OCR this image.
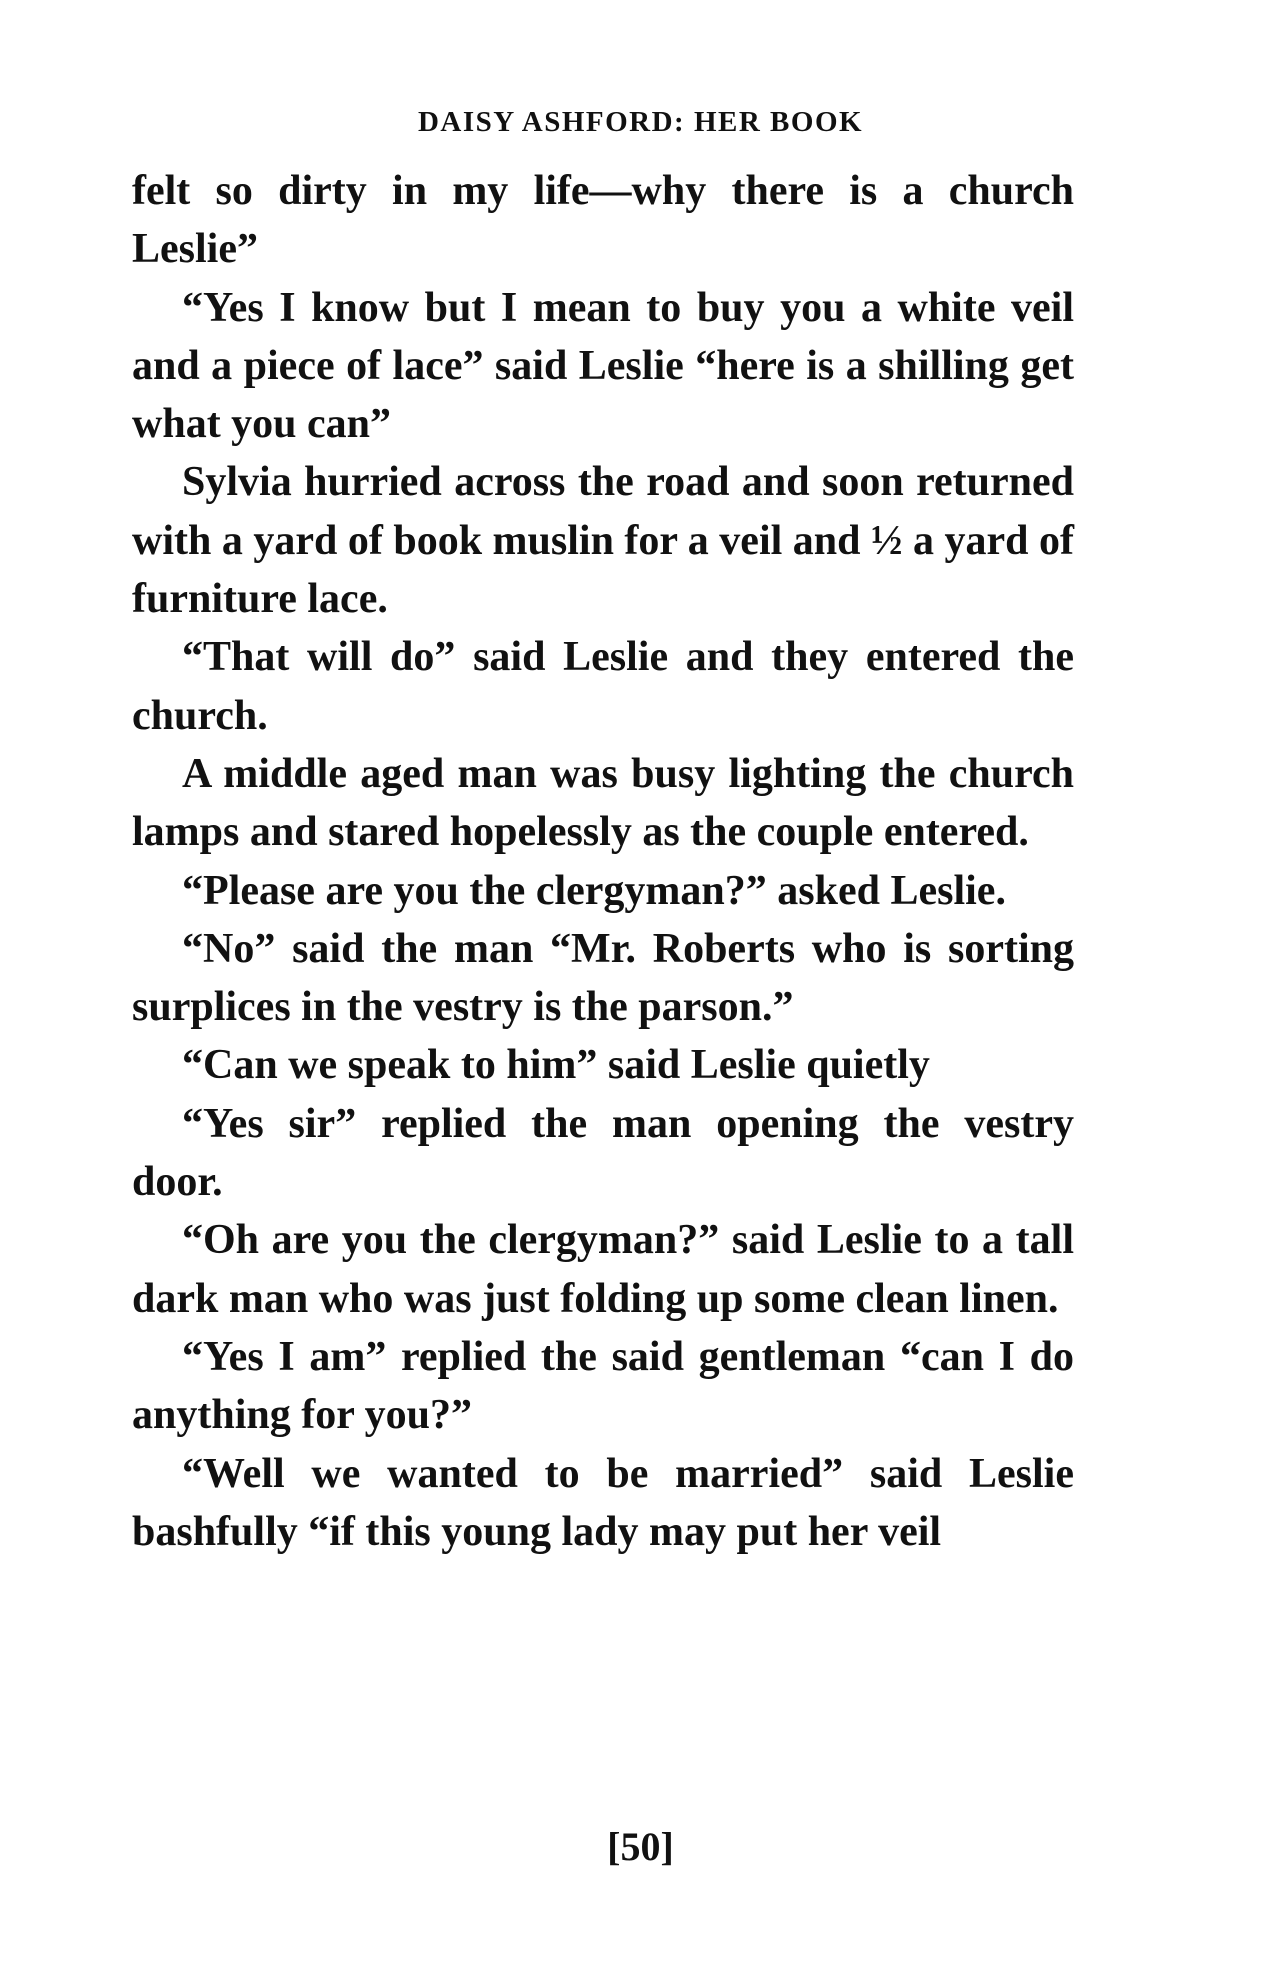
DAISY ASHFORD: HER BOOK

felt so dirty in my life—why there is a church Leslie”

“Yes I know but I mean to buy you a white veil and a piece of lace” said Leslie “here is a shilling get what you can”

Sylvia hurried across the road and soon returned with a yard of book muslin for a veil and ½ a yard of furniture lace.

“That will do” said Leslie and they entered the church.

A middle aged man was busy lighting the church lamps and stared hopelessly as the couple entered.

“Please are you the clergyman?” asked Leslie.

“No” said the man “Mr. Roberts who is sorting surplices in the vestry is the parson.”

“Can we speak to him” said Leslie quietly

“Yes sir” replied the man opening the vestry door.

“Oh are you the clergyman?” said Leslie to a tall dark man who was just folding up some clean linen.

“Yes I am” replied the said gentleman “can I do anything for you?”

“Well we wanted to be married” said Leslie bashfully “if this young lady may put her veil

[50]
